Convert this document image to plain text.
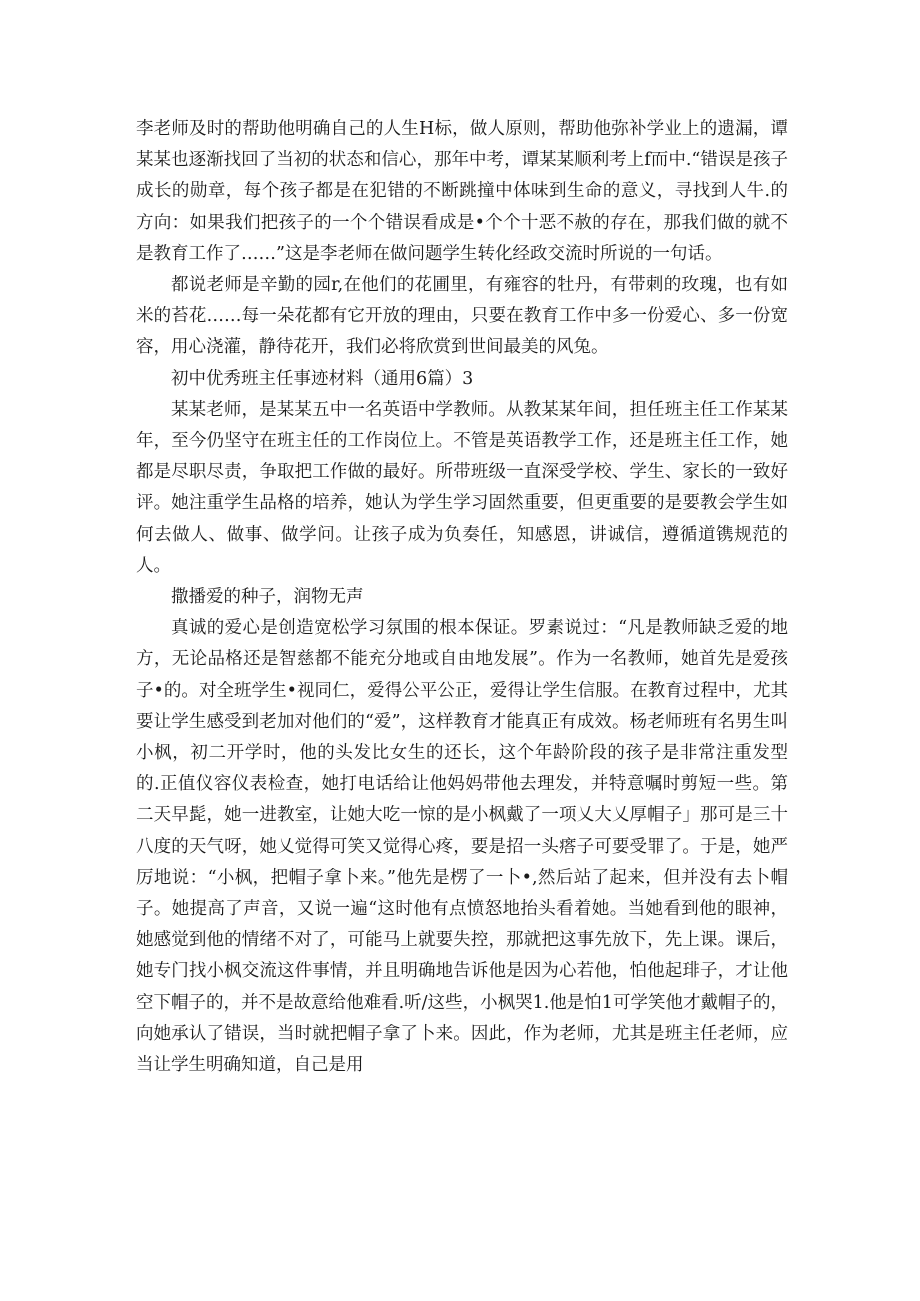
李老师及时的帮助他明确自己的人生H标，做人原则，帮助他弥补学业上的遗漏，谭某某也逐渐找回了当初的状态和信心，那年中考，谭某某顺利考上f而中.“错误是孩子成长的勋章，每个孩子都是在犯错的不断跳撞中体味到生命的意义，寻找到人牛.的方向：如果我们把孩子的一个个错误看成是•个个十恶不赦的存在，那我们做的就不是教育工作了……”这是李老师在做问题学生转化经政交流时所说的一句话。

都说老师是辛勤的园r,在他们的花圃里，有雍容的牡丹，有带刺的玫瑰，也有如米的苔花……每一朵花都有它开放的理由，只要在教育工作中多一份爱心、多一份宽容，用心浇灌，静待花开，我们必将欣赏到世间最美的风兔。

初中优秀班主任事迹材料（通用6篇）3

某某老师，是某某五中一名英语中学教师。从教某某年间，担任班主任工作某某年，至今仍坚守在班主任的工作岗位上。不管是英语教学工作，还是班主任工作，她都是尽职尽责，争取把工作做的最好。所带班级一直深受学校、学生、家长的一致好评。她注重学生品格的培养，她认为学生学习固然重要，但更重要的是要教会学生如何去做人、做事、做学问。让孩子成为负奏任，知感恩，讲诚信，遵循道镌规范的人。

撒播爱的种子，润物无声

真诚的爱心是创造宽松学习氛围的根本保证。罗素说过：“凡是教师缺乏爱的地方，无论品格还是智慈都不能充分地或自由地发展”。作为一名教师，她首先是爱孩子•的。对全班学生•视同仁，爱得公平公正，爱得让学生信服。在教育过程中，尤其要让学生感受到老加对他们的“爱”，这样教育才能真正有成效。杨老师班有名男生叫小枫，初二开学时，他的头发比女生的还长，这个年龄阶段的孩子是非常注重发型的.正值仪容仪表检查，她打电话给让他妈妈带他去理发，并特意嘱时剪短一些。第二天早髭，她一进教室，让她大吃一惊的是小枫戴了一项乂大乂厚帽子」那可是三十八度的天气呀，她乂觉得可笑又觉得心疼，要是招一头瘩子可要受罪了。于是，她严厉地说：“小枫，把帽子拿卜来。”他先是楞了一卜•,然后站了起来，但并没有去卜帽子。她提高了声音，又说一遍“这时他有点愤怒地抬头看着她。当她看到他的眼神，她感觉到他的情绪不对了，可能马上就要失控，那就把这事先放下，先上课。课后，她专门找小枫交流这件事情，并且明确地告诉他是因为心若他，怕他起琲子，才让他空下帽子的，并不是故意给他难看.听/这些，小枫哭1.他是怕1可学笑他才戴帽子的，向她承认了错误，当时就把帽子拿了卜来。因此，作为老师，尤其是班主任老师，应当让学生明确知道，自己是用
